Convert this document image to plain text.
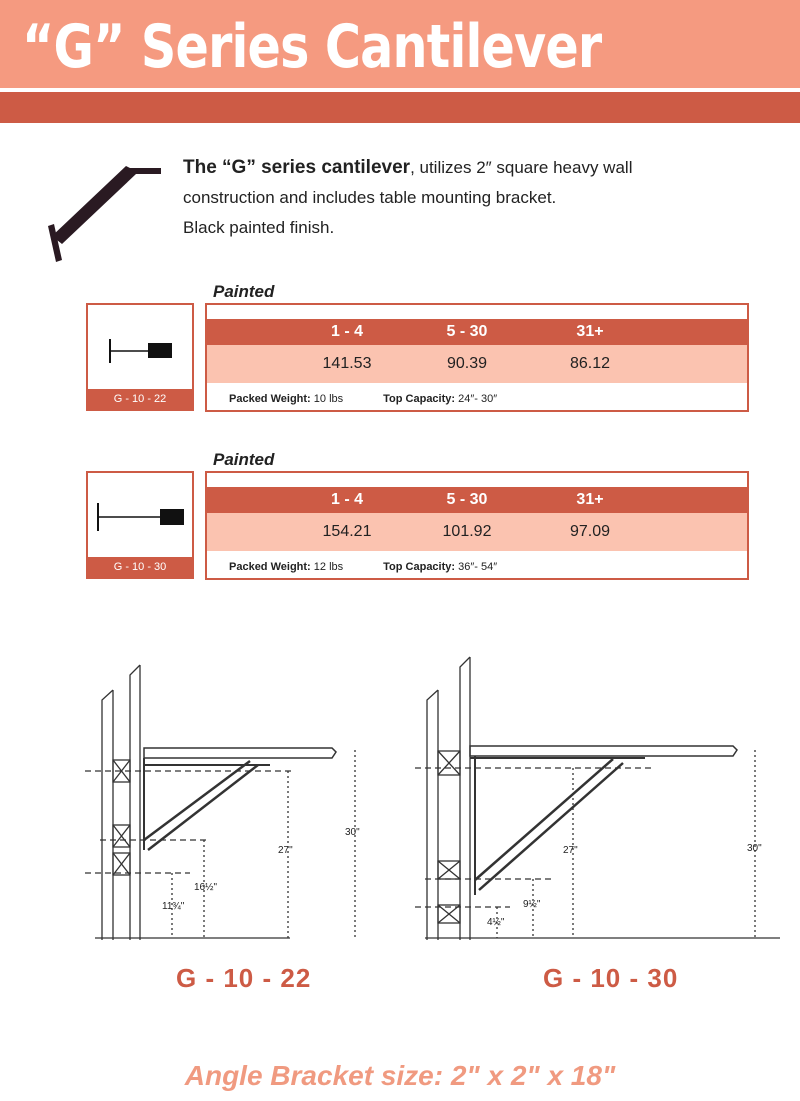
“G” Series Cantilever
The “G” series cantilever, utilizes 2″ square heavy wall
construction and includes table mounting bracket.
Black painted finish.
Painted
G - 10 - 22
1 - 4	5 - 30	31+
141.53	90.39	86.12
Packed Weight: 10 lbs	Top Capacity: 24″- 30″
Painted
G - 10 - 30
1 - 4	5 - 30	31+
154.21	101.92	97.09
Packed Weight: 12 lbs	Top Capacity: 36″- 54″
30"
27"
16½"
11¾"
30"
27"
9½"
4½"
G - 10 - 22	G - 10 - 30
Angle Bracket size: 2" x 2" x 18"
